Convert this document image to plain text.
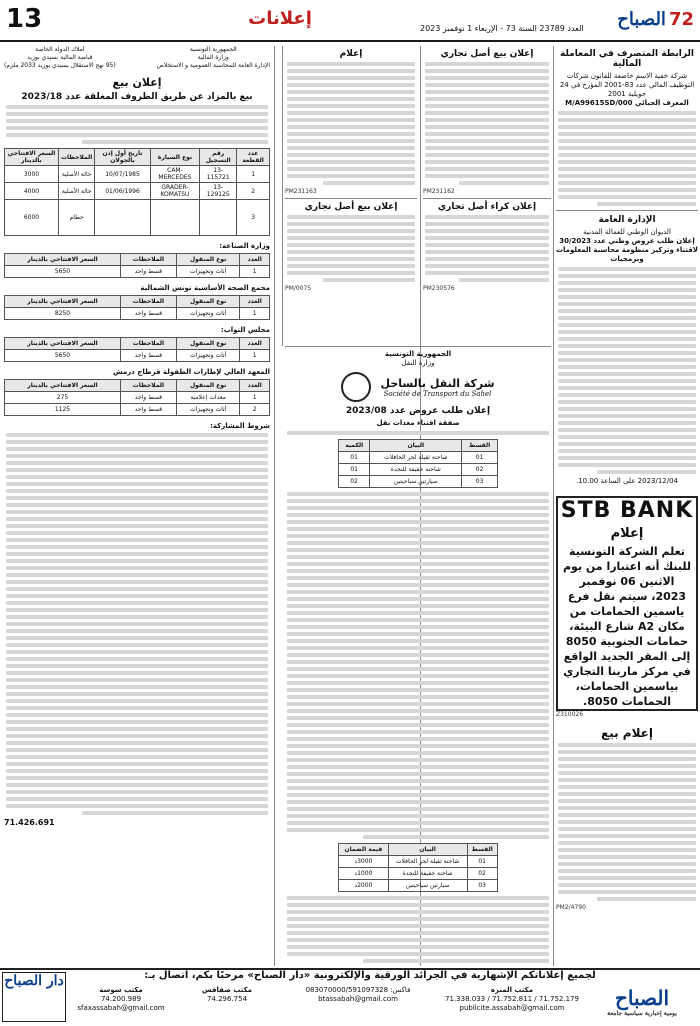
13	إعلانات	العدد 23789 السنة 73 - الإربعاء 1 نوفمبر 2023 الصباح 72
الرابطة المتصرف في المعاملة المالية
شركة خفية الاسم خاضعة للقانون شركات التوظيف المالي عدد 83-2001 المؤرخ في 24 جويلية 2001
المعرف الجبائي 000/M/A99615SD
الإدارة العامة
الديوان الوطني للعمالة المدنية
إعلان طلب عروض وطني عدد 30/2023
لاقتناء وتركيز منظومة محاسبة المعلومات وبرمجيات
2023/12/04 على الساعة 10.00.
STB BANK
إعلام
تعلم الشركة التونسية للبنك أنه اعتبارا من يوم الاثنين 06 نوفمبر 2023، سيتم نقل فرع ياسمين الحمامات من مكان A2 شارع البيئة، حمامات الجنوبية 8050 إلى المقر الجديد الواقع في مركز مارينا التجاري بياسمين الحمامات، الحمامات 8050.
Z310026
إعلام بيع
PM2/4790
إعلان بيع أصل تجاري
PM231162
إعلان كراء أصل تجاري
PM230576
إعلام
PM231163
إعلان بيع أصل تجاري
PM/0075
الجمهورية التونسية
وزارة النقل

شركة النقل بالساحل
Société de Transport du Sahel
إعلان طلب عروض عدد 2023/08
صفقة اقتناء معدات نقل
القسط	البيان	الكمية
01	شاحنة ثقيلة لجر الحافلات	01
02	شاحنة خفيفة للنجدة	01
03	سيارتين سياحيتين	02
القسط	البيان	قيمة الضمان
01	شاحنة ثقيلة لجر الحافلات	3000د
02	شاحنة خفيفة للنجدة	1000د
03	سيارتين سياحيتين	2000د
الجمهورية التونسية
وزارة المالية
الإدارة العامة للمحاسبة العمومية و الاستخلاص
أملاك الدولة الخاصة
قباضة المالية بسيدي بوزيد
(95 نهج الاستقلال بسيدي بوزيد 2033 ملزم)
إعلان بيع
بيع بالمزاد عن طريق الظروف المغلقة عدد 2023/18
عدد القطعة	رقم التسجيل	نوع السيارة	تاريخ أول إذن بالجولان	الملاحظات	السعر الافتتاحي بالدينار
1	13-115721	CAM-MERCEDES	10/07/1985	حالة الأصلية	3000
2	13-129125	GRADER-KOMATSU	01/06/1996	حالة الأصلية	4000
3				حطام	6000
وزارة الصناعة:
العدد	نوع المنقول	الملاحظات	السعر الافتتاحي بالدينار
1	أثاث وتجهيزات	قسط واحد	5650
مجمع الصحة الأساسية تونس الشمالية
العدد	نوع المنقول	الملاحظات	السعر الافتتاحي بالدينار
1	أثاث وتجهيزات	قسط واحد	8250
مجلس النواب:
العدد	نوع المنقول	الملاحظات	السعر الافتتاحي بالدينار
1	أثاث وتجهيزات	قسط واحد	5650
المعهد العالي لإطارات الطفولة قرطاج درمش
العدد	نوع المنقول	الملاحظات	السعر الافتتاحي بالدينار
1	معدات إعلامية	قسط واحد	275
2	أثاث وتجهيزات	قسط واحد	1125
شروط المشاركة:
71.426.691
لجميع إعلاناتكم الإشهارية في الجرائد الورقية والإلكترونية «دار الصباح» مرحبًا بكم، اتصال بـ:
الصباح
يومية إخبارية سياسية جامعة
دار الصباح
مكتب المنزه
71.752.179 / 71.752.811 / 71.338.033
publicite.assabah@gmail.com
فاكس: 083070000/591097328
btassabah@gmail.com
مكتب صفاقس
74.296.754
مكتب سوسة
74.200.989
sfaxassabah@gmail.com
